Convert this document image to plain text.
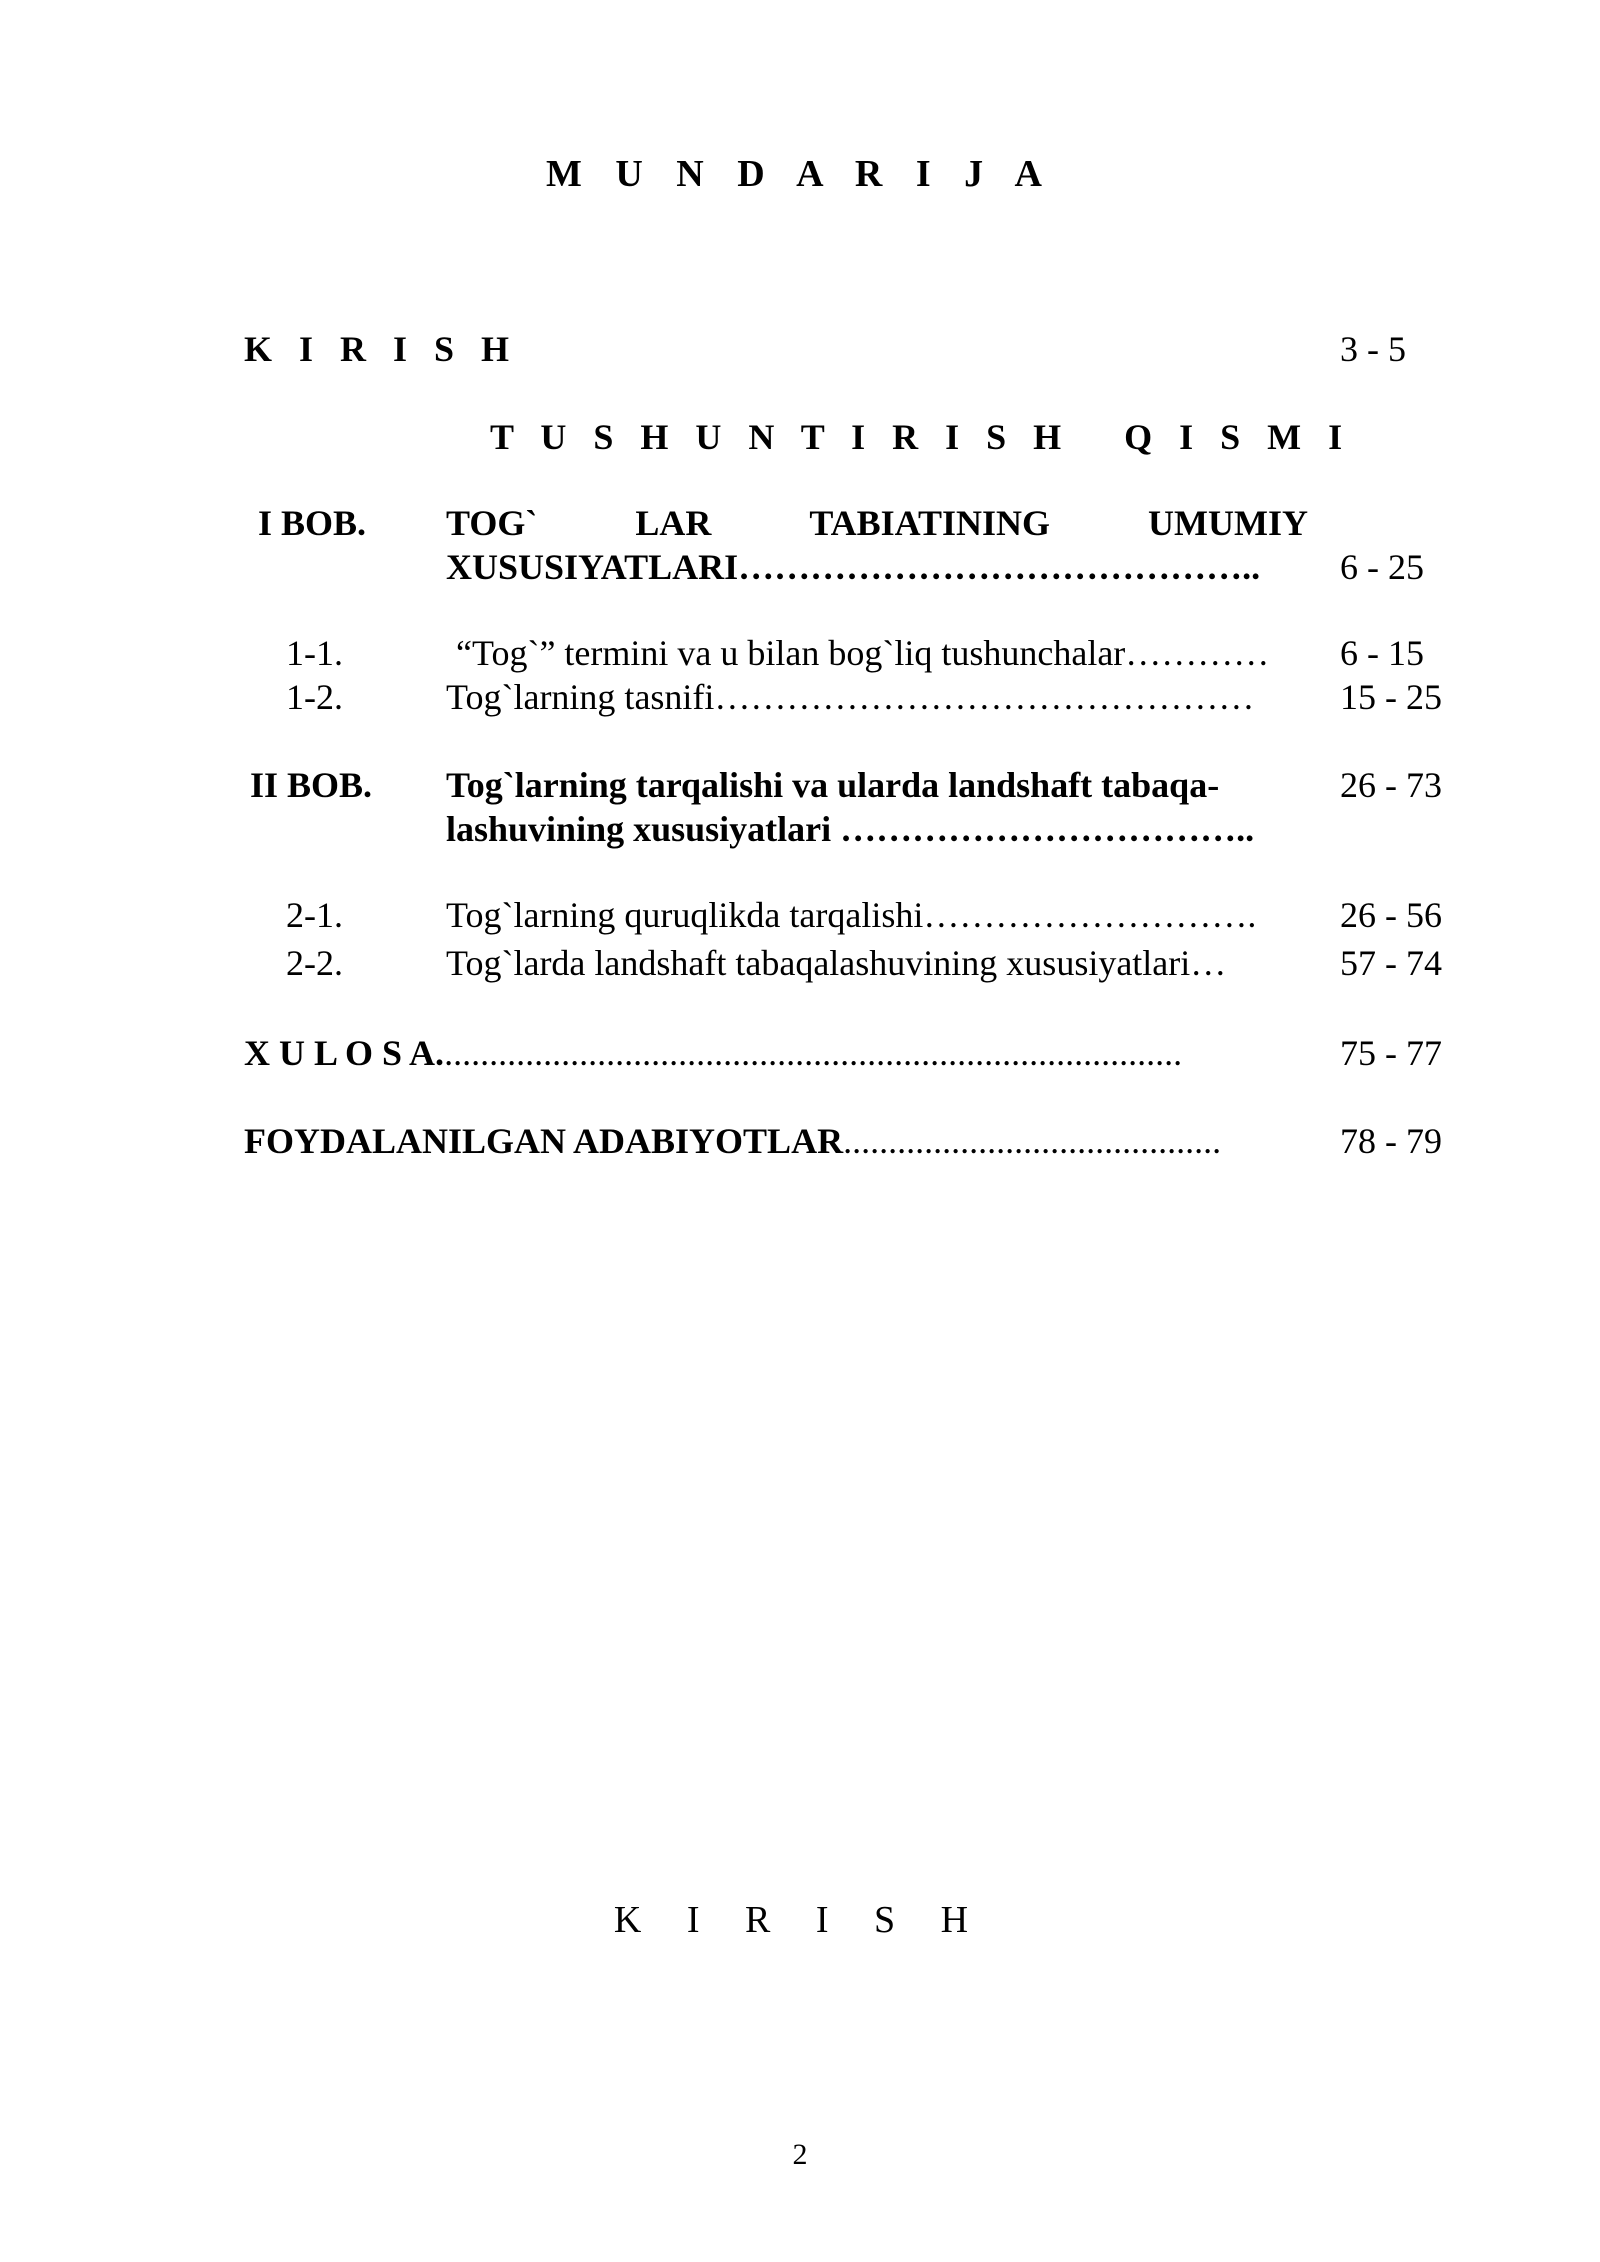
M U N D A R I J A
K I R I S H	3 - 5
T U S H U N T I R I S H   Q I S M I
I BOB. TOG`	LAR	TABIATINING	UMUMIY
XUSUSIYATLARI…………………………………….. 6 - 25
1-1.	“Tog`” termini va u bilan bog`liq tushunchalar………… 6 - 15
1-2.	Tog`larning tasnifi……………………………………… 15 - 25
II BOB. Tog`larning tarqalishi va ularda landshaft tabaqa-	26 - 73
lashuvining xususiyatlari ……………………………..
2-1.	Tog`larning quruqlikda tarqalishi………………………. 26 - 56
2-2.	Tog`larda landshaft tabaqalashuvining xususiyatlari…	57 - 74
X U L O S A...................................................................................	75 - 77
FOYDALANILGAN ADABIYOTLAR..........................................	78 - 79
K I R I S H
2
